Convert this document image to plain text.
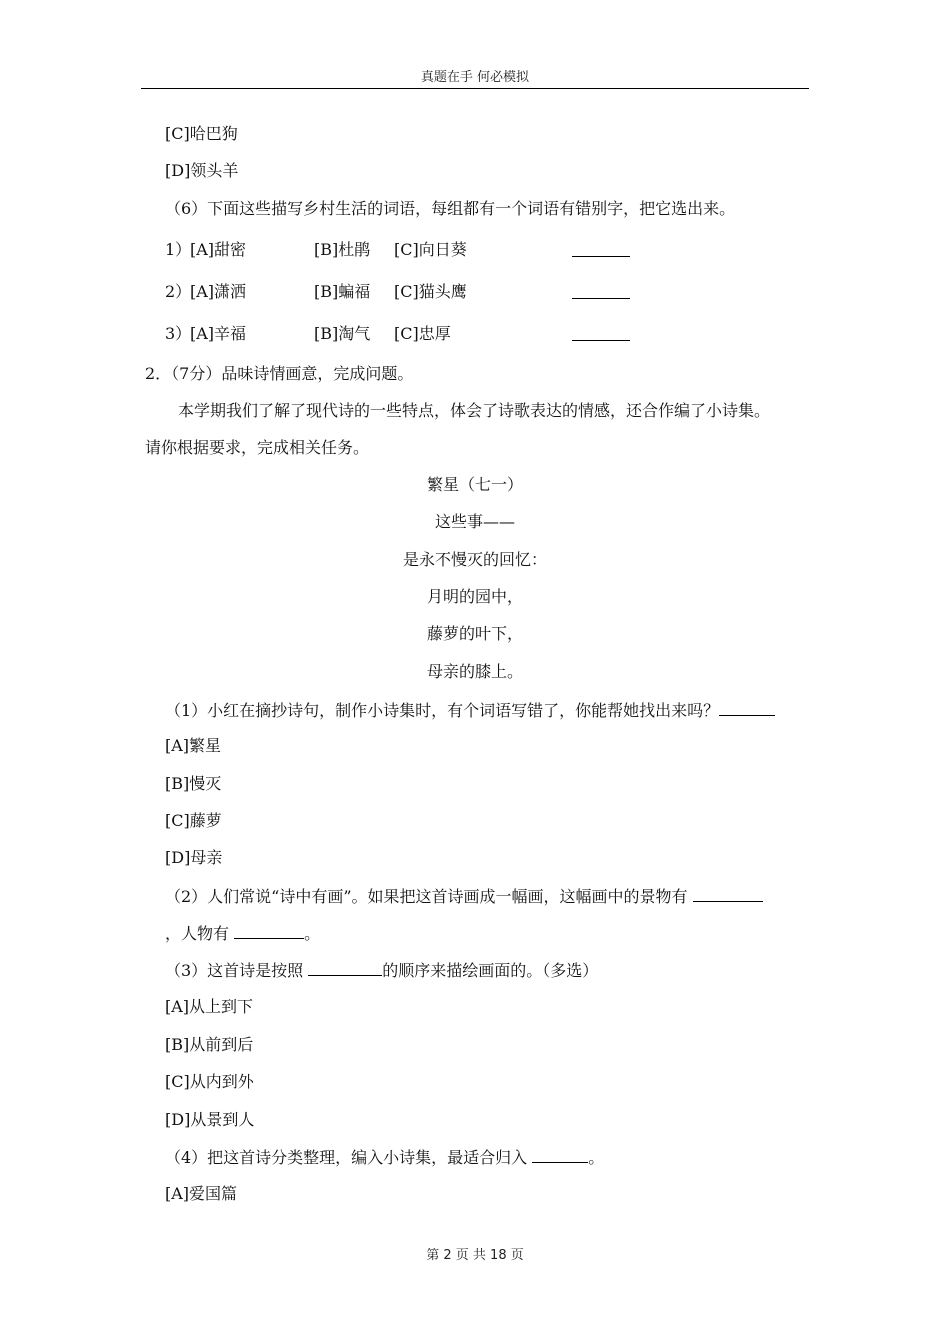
真题在手 何必模拟
[C]哈巴狗
[D]领头羊
（6）下面这些描写乡村生活的词语，每组都有一个词语有错别字，把它选出来。
1）
[A]甜密	[B]杜鹃 [C]向日葵
2）
[A]潇洒	[B]蝙福 [C]猫头鹰
3）
[A]辛福	[B]淘气 [C]忠厚
2．（7分）品味诗情画意，完成问题。
本学期我们了解了现代诗的一些特点，体会了诗歌表达的情感，还合作编了小诗集。
请你根据要求，完成相关任务。
繁星（七一）
这些事——
是永不慢灭的回忆：
月明的园中，
藤萝的叶下，
母亲的膝上。
（1）小红在摘抄诗句，制作小诗集时，有个词语写错了，你能帮她找出来吗？
[A]繁星
[B]慢灭
[C]藤萝
[D]母亲
（2）人们常说“诗中有画”。如果把这首诗画成一幅画，这幅画中的景物有
，人物有	。
（3）这首诗是按照	的顺序来描绘画面的。（多选）
[A]从上到下
[B]从前到后
[C]从内到外
[D]从景到人
（4）把这首诗分类整理，编入小诗集，最适合归入	。
[A]爱国篇
第 2 页 共 18 页
